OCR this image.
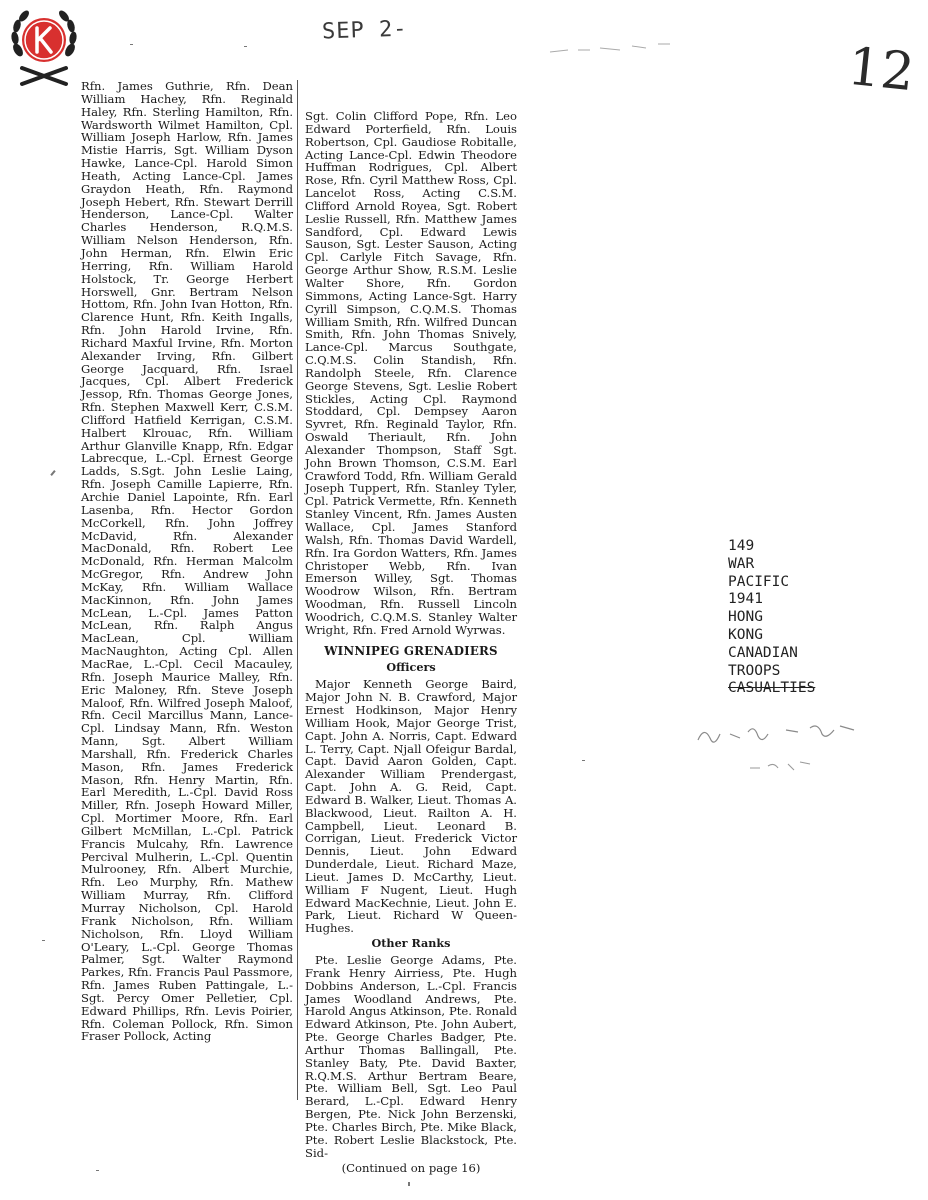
SEP 2-
12

Rfn. James Guthrie, Rfn. Dean William Hachey, Rfn. Reginald Haley, Rfn. Sterling Hamilton, Rfn. Wardsworth Wilmet Hamilton, Cpl. William Joseph Harlow, Rfn. James Mistie Harris, Sgt. William Dyson Hawke, Lance-Cpl. Harold Simon Heath, Acting Lance-Cpl. James Graydon Heath, Rfn. Raymond Joseph Hebert, Rfn. Stewart Derrill Henderson, Lance-Cpl. Walter Charles Henderson, R.Q.M.S. William Nelson Henderson, Rfn. John Herman, Rfn. Elwin Eric Herring, Rfn. William Harold Holstock, Tr. George Herbert Horswell, Gnr. Bertram Nelson Hottom, Rfn. John Ivan Hotton, Rfn. Clarence Hunt, Rfn. Keith Ingalls, Rfn. John Harold Irvine, Rfn. Richard Maxful Irvine, Rfn. Morton Alexander Irving, Rfn. Gilbert George Jacquard, Rfn. Israel Jacques, Cpl. Albert Frederick Jessop, Rfn. Thomas George Jones, Rfn. Stephen Maxwell Kerr, C.S.M. Clifford Hatfield Kerrigan, C.S.M. Halbert Klrouac, Rfn. William Arthur Glanville Knapp, Rfn. Edgar Labrecque, L.-Cpl. Ernest George Ladds, S.Sgt. John Leslie Laing, Rfn. Joseph Camille Lapierre, Rfn. Archie Daniel Lapointe, Rfn. Earl Lasenba, Rfn. Hector Gordon McCorkell, Rfn. John Joffrey McDavid, Rfn. Alexander MacDonald, Rfn. Robert Lee McDonald, Rfn. Herman Malcolm McGregor, Rfn. Andrew John McKay, Rfn. William Wallace MacKinnon, Rfn. John James McLean, L.-Cpl. James Patton McLean, Rfn. Ralph Angus MacLean, Cpl. William MacNaughton, Acting Cpl. Allen MacRae, L.-Cpl. Cecil Macauley, Rfn. Joseph Maurice Malley, Rfn. Eric Maloney, Rfn. Steve Joseph Maloof, Rfn. Wilfred Joseph Maloof, Rfn. Cecil Marcillus Mann, Lance-Cpl. Lindsay Mann, Rfn. Weston Mann, Sgt. Albert William Marshall, Rfn. Frederick Charles Mason, Rfn. James Frederick Mason, Rfn. Henry Martin, Rfn. Earl Meredith, L.-Cpl. David Ross Miller, Rfn. Joseph Howard Miller, Cpl. Mortimer Moore, Rfn. Earl Gilbert McMillan, L.-Cpl. Patrick Francis Mulcahy, Rfn. Lawrence Percival Mulherin, L.-Cpl. Quentin Mulrooney, Rfn. Albert Murchie, Rfn. Leo Murphy, Rfn. Mathew William Murray, Rfn. Clifford Murray Nicholson, Cpl. Harold Frank Nicholson, Rfn. William Nicholson, Rfn. Lloyd William O'Leary, L.-Cpl. George Thomas Palmer, Sgt. Walter Raymond Parkes, Rfn. Francis Paul Passmore, Rfn. James Ruben Pattingale, L.-Sgt. Percy Omer Pelletier, Cpl. Edward Phillips, Rfn. Levis Poirier, Rfn. Coleman Pollock, Rfn. Simon Fraser Pollock, Acting

Sgt. Colin Clifford Pope, Rfn. Leo Edward Porterfield, Rfn. Louis Robertson, Cpl. Gaudiose Robitalle, Acting Lance-Cpl. Edwin Theodore Huffman Rodrigues, Cpl. Albert Rose, Rfn. Cyril Matthew Ross, Cpl. Lancelot Ross, Acting C.S.M. Clifford Arnold Royea, Sgt. Robert Leslie Russell, Rfn. Matthew James Sandford, Cpl. Edward Lewis Sauson, Sgt. Lester Sauson, Acting Cpl. Carlyle Fitch Savage, Rfn. George Arthur Show, R.S.M. Leslie Walter Shore, Rfn. Gordon Simmons, Acting Lance-Sgt. Harry Cyrill Simpson, C.Q.M.S. Thomas William Smith, Rfn. Wilfred Duncan Smith, Rfn. John Thomas Snively, Lance-Cpl. Marcus Southgate, C.Q.M.S. Colin Standish, Rfn. Randolph Steele, Rfn. Clarence George Stevens, Sgt. Leslie Robert Stickles, Acting Cpl. Raymond Stoddard, Cpl. Dempsey Aaron Syvret, Rfn. Reginald Taylor, Rfn. Oswald Theriault, Rfn. John Alexander Thompson, Staff Sgt. John Brown Thomson, C.S.M. Earl Crawford Todd, Rfn. William Gerald Joseph Tuppert, Rfn. Stanley Tyler, Cpl. Patrick Vermette, Rfn. Kenneth Stanley Vincent, Rfn. James Austen Wallace, Cpl. James Stanford Walsh, Rfn. Thomas David Wardell, Rfn. Ira Gordon Watters, Rfn. James Christoper Webb, Rfn. Ivan Emerson Willey, Sgt. Thomas Woodrow Wilson, Rfn. Bertram Woodman, Rfn. Russell Lincoln Woodrich, C.Q.M.S. Stanley Walter Wright, Rfn. Fred Arnold Wyrwas.

WINNIPEG GRENADIERS
Officers

Major Kenneth George Baird, Major John N. B. Crawford, Major Ernest Hodkinson, Major Henry William Hook, Major George Trist, Capt. John A. Norris, Capt. Edward L. Terry, Capt. Njall Ofeigur Bardal, Capt. David Aaron Golden, Capt. Alexander William Prendergast, Capt. John A. G. Reid, Capt. Edward B. Walker, Lieut. Thomas A. Blackwood, Lieut. Railton A. H. Campbell, Lieut. Leonard B. Corrigan, Lieut. Frederick Victor Dennis, Lieut. John Edward Dunderdale, Lieut. Richard Maze, Lieut. James D. McCarthy, Lieut. William F Nugent, Lieut. Hugh Edward MacKechnie, Lieut. John E. Park, Lieut. Richard W Queen-Hughes.

Other Ranks

Pte. Leslie George Adams, Pte. Frank Henry Airriess, Pte. Hugh Dobbins Anderson, L.-Cpl. Francis James Woodland Andrews, Pte. Harold Angus Atkinson, Pte. Ronald Edward Atkinson, Pte. John Aubert, Pte. George Charles Badger, Pte. Arthur Thomas Ballingall, Pte. Stanley Baty, Pte. David Baxter, R.Q.M.S. Arthur Bertram Beare, Pte. William Bell, Sgt. Leo Paul Berard, L.-Cpl. Edward Henry Bergen, Pte. Nick John Berzenski, Pte. Charles Birch, Pte. Mike Black, Pte. Robert Leslie Blackstock, Pte. Sid-

(Continued on page 16)
149
WAR
PACIFIC
1941
HONG
KONG
CANADIAN
TROOPS
CASUALTIES
